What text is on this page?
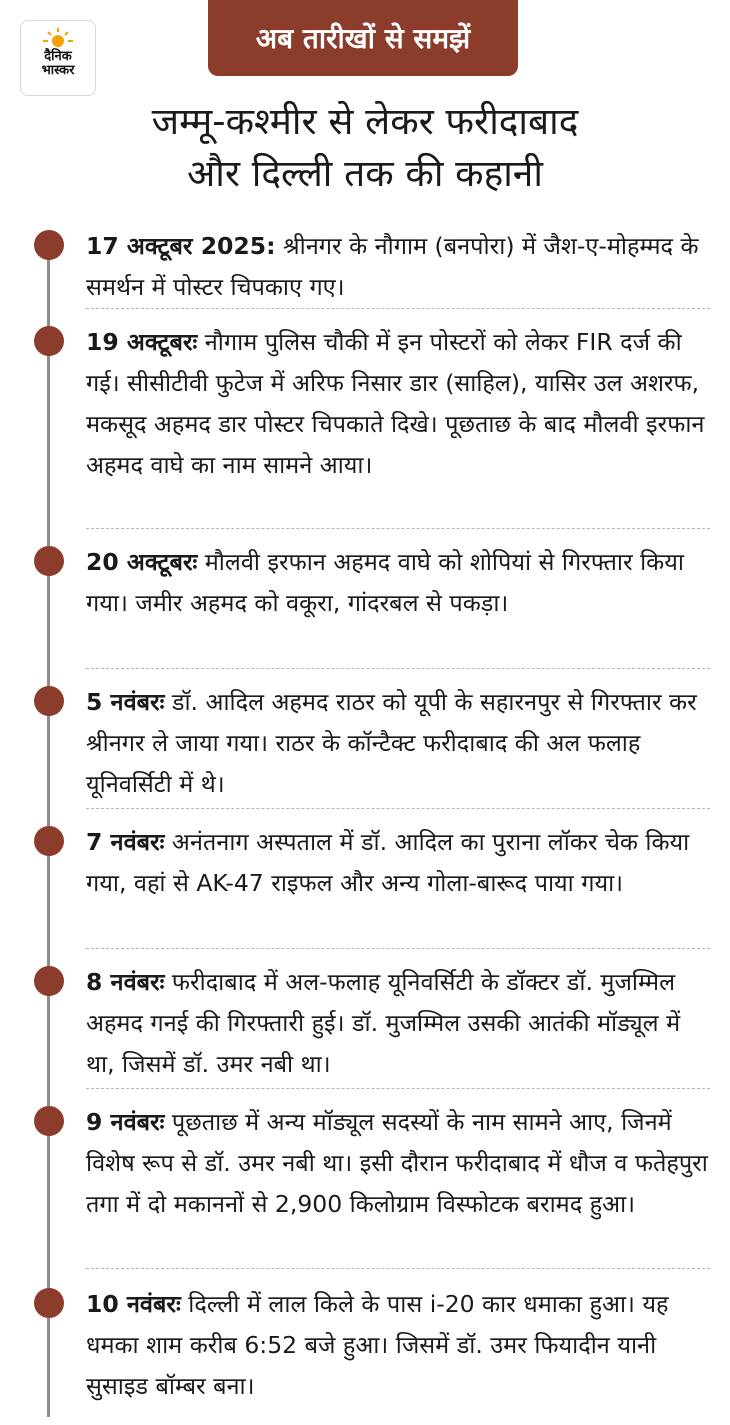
दैनिक
भास्कर
अब तारीखों से समझें
जम्मू-कश्मीर से लेकर फरीदाबाद
और दिल्ली तक की कहानी
17 अक्टूबर 2025: श्रीनगर के नौगाम (बनपोरा) में जैश-ए-मोहम्मद के समर्थन में पोस्टर चिपकाए गए।
19 अक्टूबरः नौगाम पुलिस चौकी में इन पोस्टरों को लेकर FIR दर्ज की गई। सीसीटीवी फुटेज में अरिफ निसार डार (साहिल), यासिर उल अशरफ, मकसूद अहमद डार पोस्टर चिपकाते दिखे। पूछताछ के बाद मौलवी इरफान अहमद वाघे का नाम सामने आया।
20 अक्टूबरः मौलवी इरफान अहमद वाघे को शोपियां से गिरफ्तार किया गया। जमीर अहमद को वकूरा, गांदरबल से पकड़ा।
5 नवंबरः डॉ. आदिल अहमद राठर को यूपी के सहारनपुर से गिरफ्तार कर श्रीनगर ले जाया गया। राठर के कॉन्टैक्ट फरीदाबाद की अल फलाह यूनिवर्सिटी में थे।
7 नवंबरः अनंतनाग अस्पताल में डॉ. आदिल का पुराना लॉकर चेक किया गया, वहां से AK-47 राइफल और अन्य गोला-बारूद पाया गया।
8 नवंबरः फरीदाबाद में अल-फलाह यूनिवर्सिटी के डॉक्टर डॉ. मुजम्मिल अहमद गनई की गिरफ्तारी हुई। डॉ. मुजम्मिल उसकी आतंकी मॉड्यूल में था, जिसमें डॉ. उमर नबी था।
9 नवंबरः पूछताछ में अन्य मॉड्यूल सदस्यों के नाम सामने आए, जिनमें विशेष रूप से डॉ. उमर नबी था। इसी दौरान फरीदाबाद में धौज व फतेहपुरा तगा में दो मकाननों से 2,900 किलोग्राम विस्फोटक बरामद हुआ।
10 नवंबरः दिल्ली में लाल किले के पास i-20 कार धमाका हुआ। यह धमका शाम करीब 6:52 बजे हुआ। जिसमें डॉ. उमर फियादीन यानी सुसाइड बॉम्बर बना।
